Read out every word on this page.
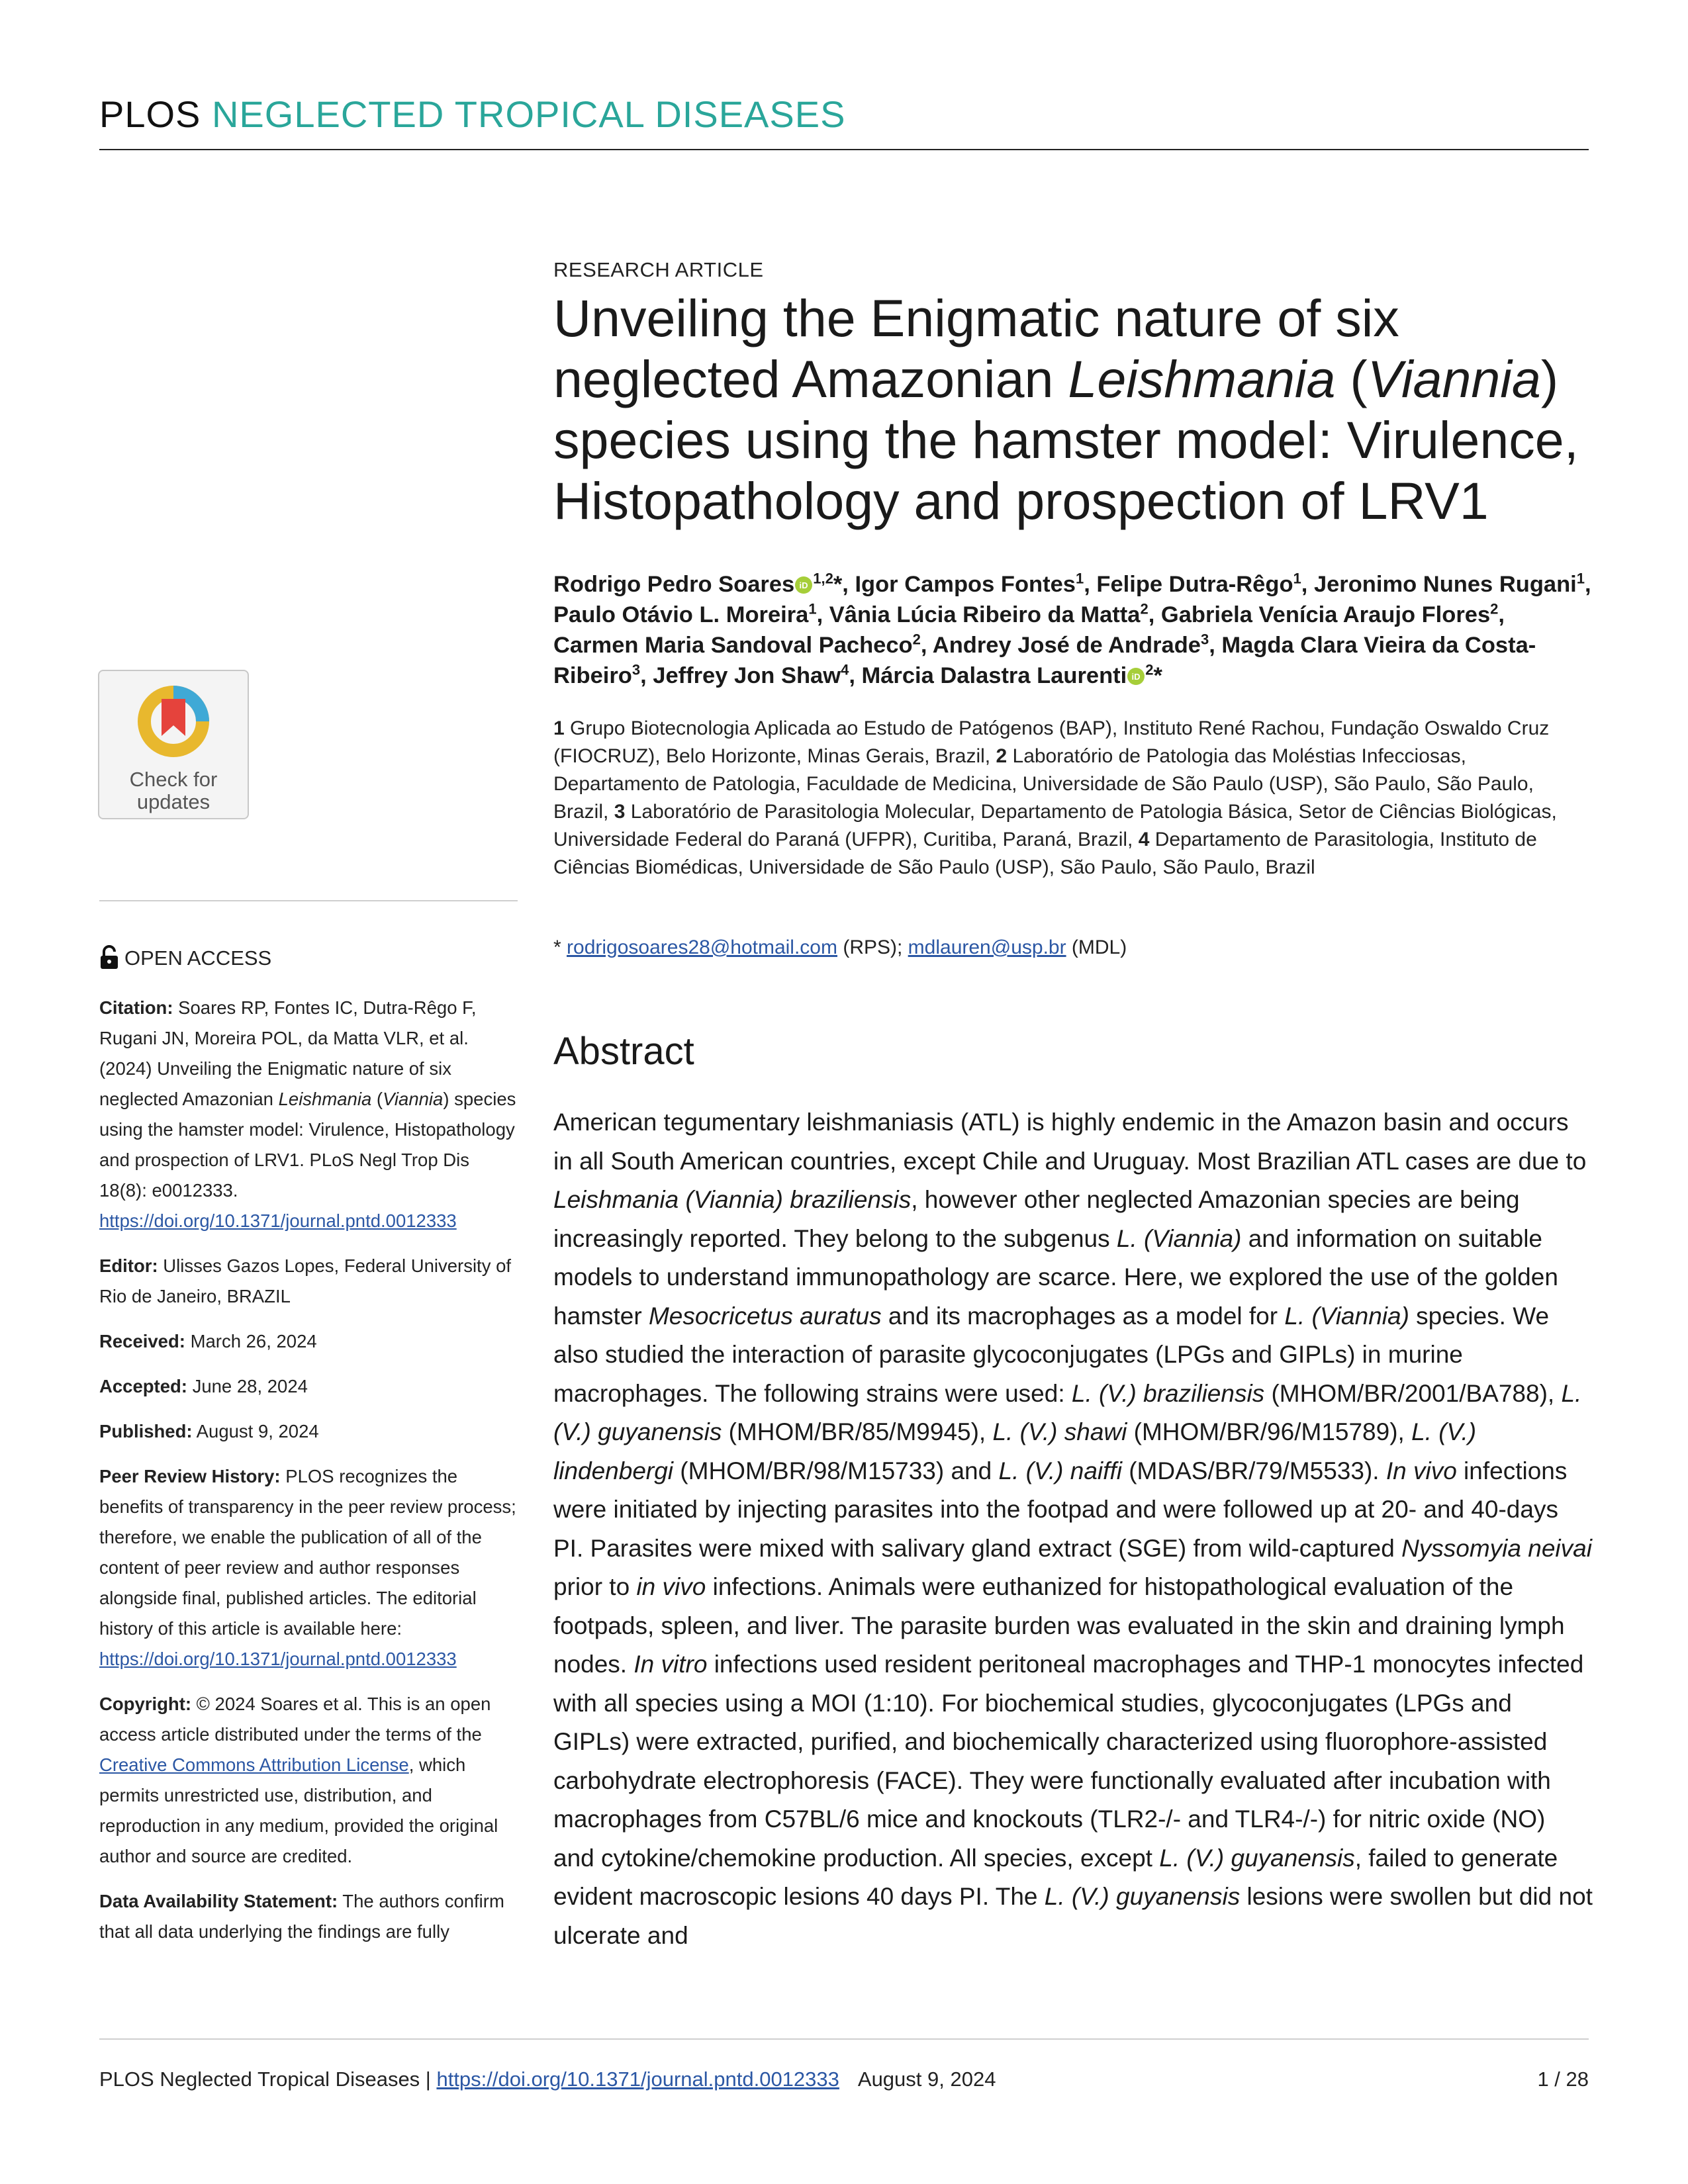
PLOS NEGLECTED TROPICAL DISEASES
Check for updates
OPEN ACCESS

Citation: Soares RP, Fontes IC, Dutra-Rêgo F, Rugani JN, Moreira POL, da Matta VLR, et al. (2024) Unveiling the Enigmatic nature of six neglected Amazonian Leishmania (Viannia) species using the hamster model: Virulence, Histopathology and prospection of LRV1. PLoS Negl Trop Dis 18(8): e0012333. https://doi.org/10.1371/journal.pntd.0012333

Editor: Ulisses Gazos Lopes, Federal University of Rio de Janeiro, BRAZIL

Received: March 26, 2024

Accepted: June 28, 2024

Published: August 9, 2024

Peer Review History: PLOS recognizes the benefits of transparency in the peer review process; therefore, we enable the publication of all of the content of peer review and author responses alongside final, published articles. The editorial history of this article is available here: https://doi.org/10.1371/journal.pntd.0012333

Copyright: © 2024 Soares et al. This is an open access article distributed under the terms of the Creative Commons Attribution License, which permits unrestricted use, distribution, and reproduction in any medium, provided the original author and source are credited.

Data Availability Statement: The authors confirm that all data underlying the findings are fully

RESEARCH ARTICLE
Unveiling the Enigmatic nature of six neglected Amazonian Leishmania (Viannia) species using the hamster model: Virulence, Histopathology and prospection of LRV1

Rodrigo Pedro Soares iD $^{1,2}$*, Igor Campos Fontes$^1$, Felipe Dutra-Rêgo$^1$, Jeronimo Nunes Rugani$^1$, Paulo Otávio L. Moreira$^1$, Vânia Lúcia Ribeiro da Matta$^2$, Gabriela Venícia Araujo Flores$^2$, Carmen Maria Sandoval Pacheco$^2$, Andrey José de Andrade$^3$, Magda Clara Vieira da Costa-Ribeiro$^3$, Jeffrey Jon Shaw$^4$, Márcia Dalastra Laurenti iD $^2$*

1 Grupo Biotecnologia Aplicada ao Estudo de Patógenos (BAP), Instituto René Rachou, Fundação Oswaldo Cruz (FIOCRUZ), Belo Horizonte, Minas Gerais, Brazil, 2 Laboratório de Patologia das Moléstias Infecciosas, Departamento de Patologia, Faculdade de Medicina, Universidade de São Paulo (USP), São Paulo, São Paulo, Brazil, 3 Laboratório de Parasitologia Molecular, Departamento de Patologia Básica, Setor de Ciências Biológicas, Universidade Federal do Paraná (UFPR), Curitiba, Paraná, Brazil, 4 Departamento de Parasitologia, Instituto de Ciências Biomédicas, Universidade de São Paulo (USP), São Paulo, São Paulo, Brazil

* rodrigosoares28@hotmail.com (RPS); mdlauren@usp.br (MDL)
Abstract

American tegumentary leishmaniasis (ATL) is highly endemic in the Amazon basin and occurs in all South American countries, except Chile and Uruguay. Most Brazilian ATL cases are due to Leishmania (Viannia) braziliensis, however other neglected Amazonian species are being increasingly reported. They belong to the subgenus L. (Viannia) and information on suitable models to understand immunopathology are scarce. Here, we explored the use of the golden hamster Mesocricetus auratus and its macrophages as a model for L. (Viannia) species. We also studied the interaction of parasite glycoconjugates (LPGs and GIPLs) in murine macrophages. The following strains were used: L. (V.) braziliensis (MHOM/BR/2001/BA788), L. (V.) guyanensis (MHOM/BR/85/M9945), L. (V.) shawi (MHOM/BR/96/M15789), L. (V.) lindenbergi (MHOM/BR/98/M15733) and L. (V.) naiffi (MDAS/BR/79/M5533). In vivo infections were initiated by injecting parasites into the footpad and were followed up at 20- and 40-days PI. Parasites were mixed with salivary gland extract (SGE) from wild-captured Nyssomyia neivai prior to in vivo infections. Animals were euthanized for histopathological evaluation of the footpads, spleen, and liver. The parasite burden was evaluated in the skin and draining lymph nodes. In vitro infections used resident peritoneal macrophages and THP-1 monocytes infected with all species using a MOI (1:10). For biochemical studies, glycoconjugates (LPGs and GIPLs) were extracted, purified, and biochemically characterized using fluorophore-assisted carbohydrate electrophoresis (FACE). They were functionally evaluated after incubation with macrophages from C57BL/6 mice and knockouts (TLR2-/- and TLR4-/-) for nitric oxide (NO) and cytokine/chemokine production. All species, except L. (V.) guyanensis, failed to generate evident macroscopic lesions 40 days PI. The L. (V.) guyanensis lesions were swollen but did not ulcerate and

PLOS Neglected Tropical Diseases | https://doi.org/10.1371/journal.pntd.0012333 August 9, 2024	1 / 28
